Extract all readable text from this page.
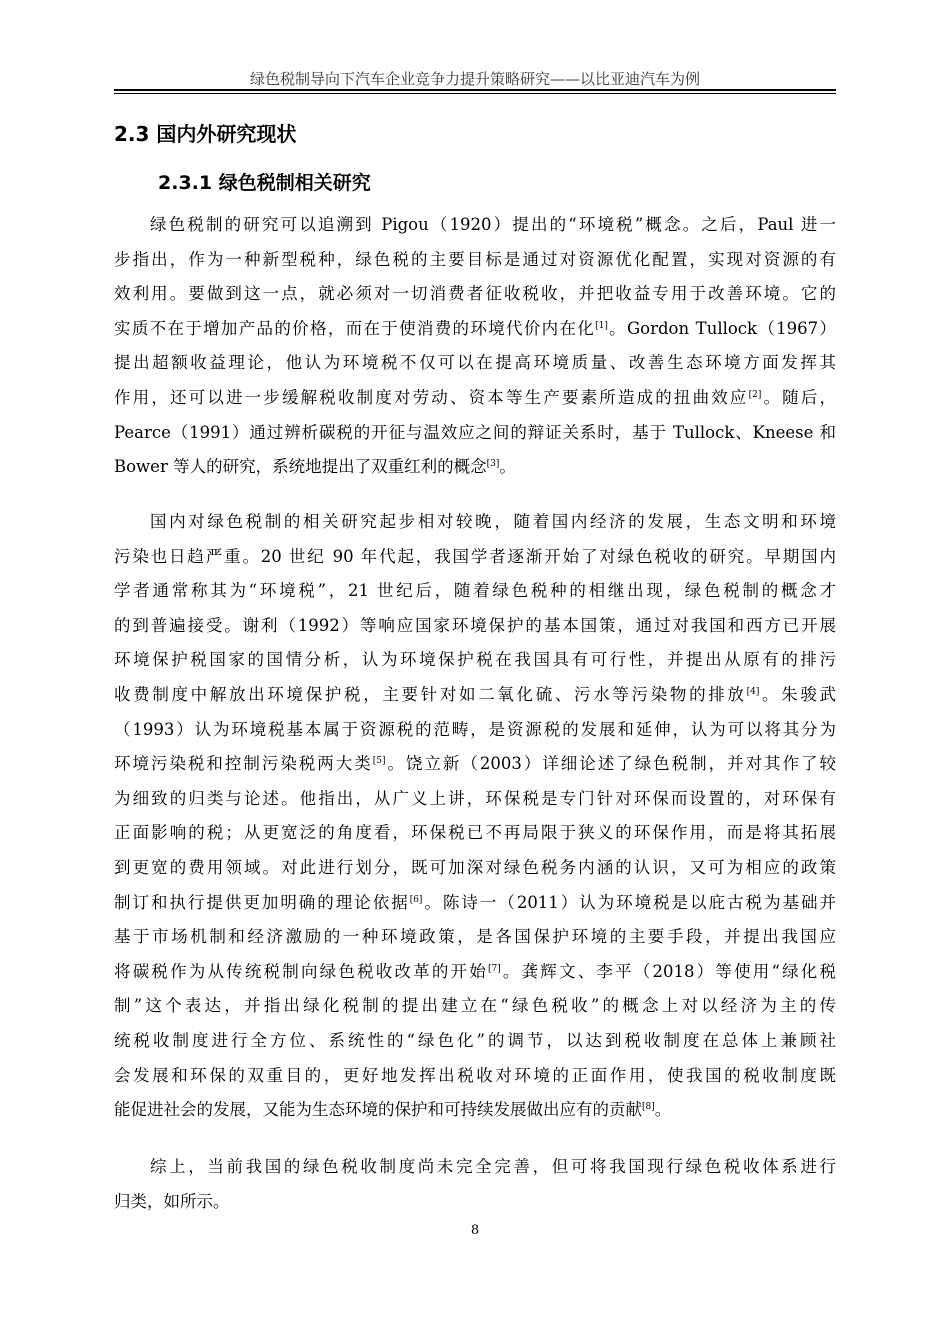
绿色税制导向下汽车企业竞争力提升策略研究——以比亚迪汽车为例
2.3 国内外研究现状
2.3.1 绿色税制相关研究
绿色税制的研究可以追溯到 Pigou（1920）提出的“环境税”概念。之后，Paul 进一
步指出，作为一种新型税种，绿色税的主要目标是通过对资源优化配置，实现对资源的有
效利用。要做到这一点，就必须对一切消费者征收税收，并把收益专用于改善环境。它的
实质不在于增加产品的价格，而在于使消费的环境代价内在化[1]。Gordon Tullock（1967）
提出超额收益理论，他认为环境税不仅可以在提高环境质量、改善生态环境方面发挥其
作用，还可以进一步缓解税收制度对劳动、资本等生产要素所造成的扭曲效应[2]。随后，
Pearce（1991）通过辨析碳税的开征与温效应之间的辩证关系时，基于 Tullock、Kneese 和
Bower 等人的研究，系统地提出了双重红利的概念[3]。
国内对绿色税制的相关研究起步相对较晚，随着国内经济的发展，生态文明和环境
污染也日趋严重。20 世纪 90 年代起，我国学者逐渐开始了对绿色税收的研究。早期国内
学者通常称其为“环境税”，21 世纪后，随着绿色税种的相继出现，绿色税制的概念才
的到普遍接受。谢利（1992）等响应国家环境保护的基本国策，通过对我国和西方已开展
环境保护税国家的国情分析，认为环境保护税在我国具有可行性，并提出从原有的排污
收费制度中解放出环境保护税，主要针对如二氧化硫、污水等污染物的排放[4]。朱骏武
（1993）认为环境税基本属于资源税的范畴，是资源税的发展和延伸，认为可以将其分为
环境污染税和控制污染税两大类[5]。饶立新（2003）详细论述了绿色税制，并对其作了较
为细致的归类与论述。他指出，从广义上讲，环保税是专门针对环保而设置的，对环保有
正面影响的税；从更宽泛的角度看，环保税已不再局限于狭义的环保作用，而是将其拓展
到更宽的费用领域。对此进行划分，既可加深对绿色税务内涵的认识，又可为相应的政策
制订和执行提供更加明确的理论依据[6]。陈诗一（2011）认为环境税是以庇古税为基础并
基于市场机制和经济激励的一种环境政策，是各国保护环境的主要手段，并提出我国应
将碳税作为从传统税制向绿色税收改革的开始[7]。龚辉文、李平（2018）等使用“绿化税
制”这个表达，并指出绿化税制的提出建立在“绿色税收”的概念上对以经济为主的传
统税收制度进行全方位、系统性的“绿色化”的调节，以达到税收制度在总体上兼顾社
会发展和环保的双重目的，更好地发挥出税收对环境的正面作用，使我国的税收制度既
能促进社会的发展，又能为生态环境的保护和可持续发展做出应有的贡献[8]。
综上，当前我国的绿色税收制度尚未完全完善，但可将我国现行绿色税收体系进行
归类，如所示。
8
